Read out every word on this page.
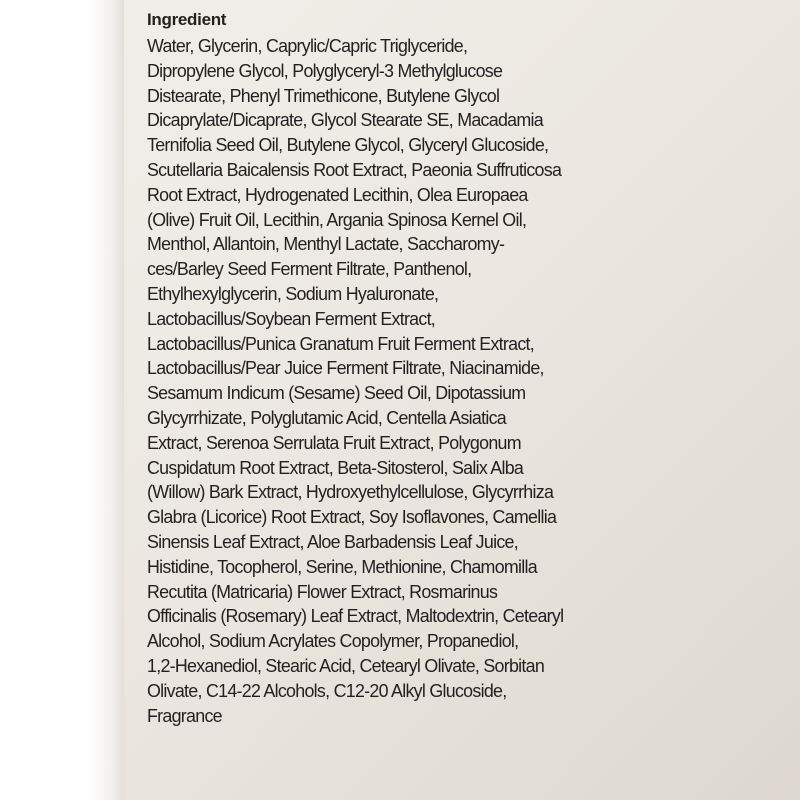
Ingredient
Water, Glycerin, Caprylic/Capric Triglyceride,
Dipropylene Glycol, Polyglyceryl-3 Methylglucose
Distearate, Phenyl Trimethicone, Butylene Glycol
Dicaprylate/Dicaprate, Glycol Stearate SE, Macadamia
Ternifolia Seed Oil, Butylene Glycol, Glyceryl Glucoside,
Scutellaria Baicalensis Root Extract, Paeonia Suffruticosa
Root Extract, Hydrogenated Lecithin, Olea Europaea
(Olive) Fruit Oil, Lecithin, Argania Spinosa Kernel Oil,
Menthol, Allantoin, Menthyl Lactate, Saccharomy-
ces/Barley Seed Ferment Filtrate, Panthenol,
Ethylhexylglycerin, Sodium Hyaluronate,
Lactobacillus/Soybean Ferment Extract,
Lactobacillus/Punica Granatum Fruit Ferment Extract,
Lactobacillus/Pear Juice Ferment Filtrate, Niacinamide,
Sesamum Indicum (Sesame) Seed Oil, Dipotassium
Glycyrrhizate, Polyglutamic Acid, Centella Asiatica
Extract, Serenoa Serrulata Fruit Extract, Polygonum
Cuspidatum Root Extract, Beta-Sitosterol, Salix Alba
(Willow) Bark Extract, Hydroxyethylcellulose, Glycyrrhiza
Glabra (Licorice) Root Extract, Soy Isoflavones, Camellia
Sinensis Leaf Extract, Aloe Barbadensis Leaf Juice,
Histidine, Tocopherol, Serine, Methionine, Chamomilla
Recutita (Matricaria) Flower Extract, Rosmarinus
Officinalis (Rosemary) Leaf Extract, Maltodextrin, Cetearyl
Alcohol, Sodium Acrylates Copolymer, Propanediol,
1,2-Hexanediol, Stearic Acid, Cetearyl Olivate, Sorbitan
Olivate, C14-22 Alcohols, C12-20 Alkyl Glucoside,
Fragrance
